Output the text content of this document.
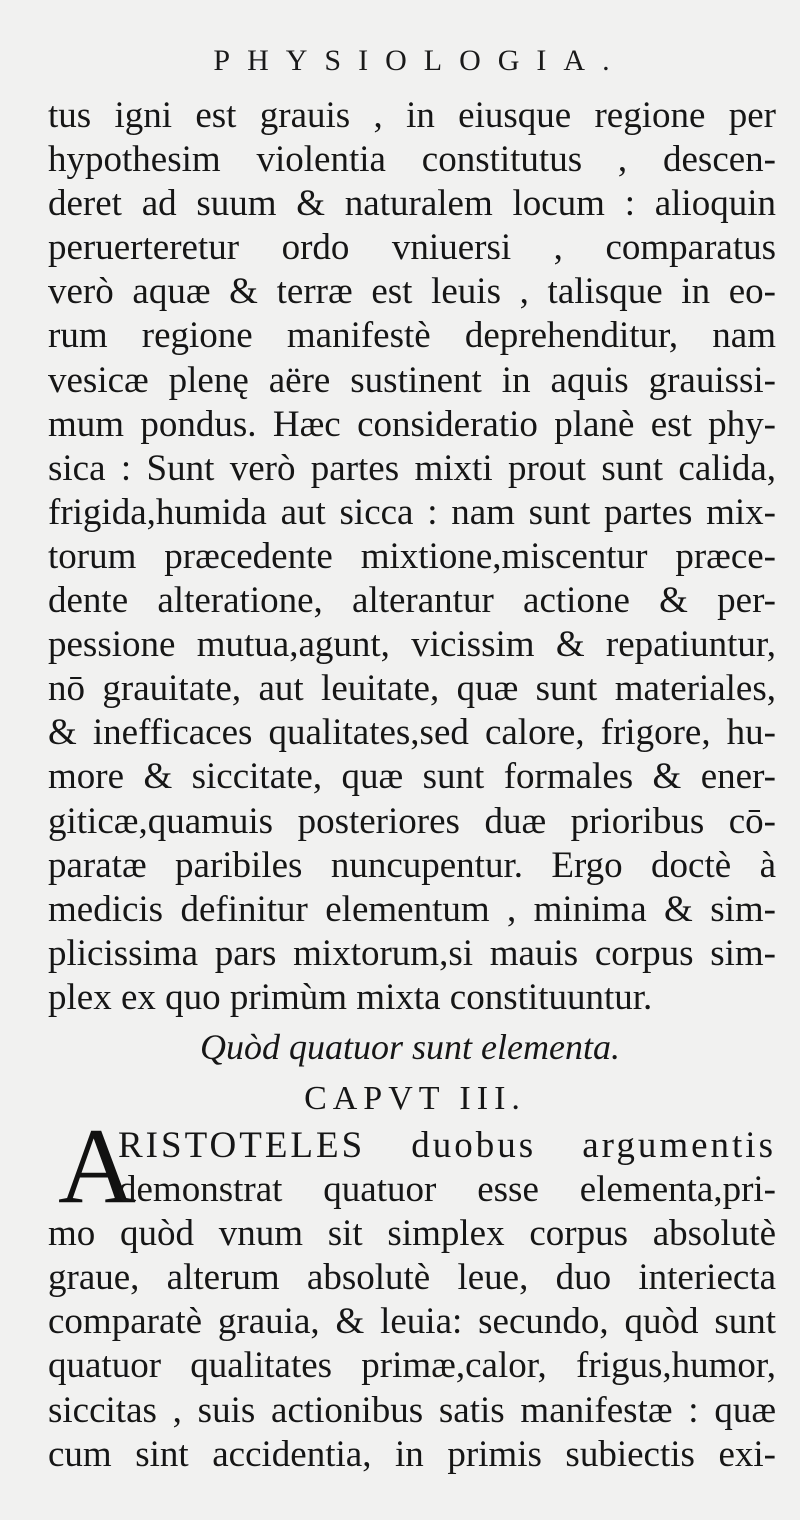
PHYSIOLOGIA.
tus igni est grauis , in eiusque regione per
hypothesim violentia constitutus , descen-
deret ad suum & naturalem locum : alioquin
peruerteretur ordo vniuersi , comparatus
verò aquæ & terræ est leuis , talisque in eo-
rum regione manifestè deprehenditur, nam
vesicæ plenę aëre sustinent in aquis grauissi-
mum pondus. Hæc consideratio planè est phy-
sica : Sunt verò partes mixti prout sunt calida,
frigida,humida aut sicca : nam sunt partes mix-
torum præcedente mixtione,miscentur præce-
dente alteratione, alterantur actione & per-
pessione mutua,agunt, vicissim & repatiuntur,
nō grauitate, aut leuitate, quæ sunt materiales,
& inefficaces qualitates,sed calore, frigore, hu-
more & siccitate, quæ sunt formales & ener-
giticæ,quamuis posteriores duæ prioribus cō-
paratæ paribiles nuncupentur. Ergo doctè à
medicis definitur elementum , minima & sim-
plicissima pars mixtorum,si mauis corpus sim-
plex ex quo primùm mixta constituuntur.
Quòd quatuor sunt elementa.
CAPVT III.
A
RISTOTELES duobus argumentis
demonstrat quatuor esse elementa,pri-
mo quòd vnum sit simplex corpus absolutè
graue, alterum absolutè leue, duo interiecta
comparatè grauia, & leuia: secundo, quòd sunt
quatuor qualitates primæ,calor, frigus,humor,
siccitas , suis actionibus satis manifestæ : quæ
cum sint accidentia, in primis subiectis exi-
